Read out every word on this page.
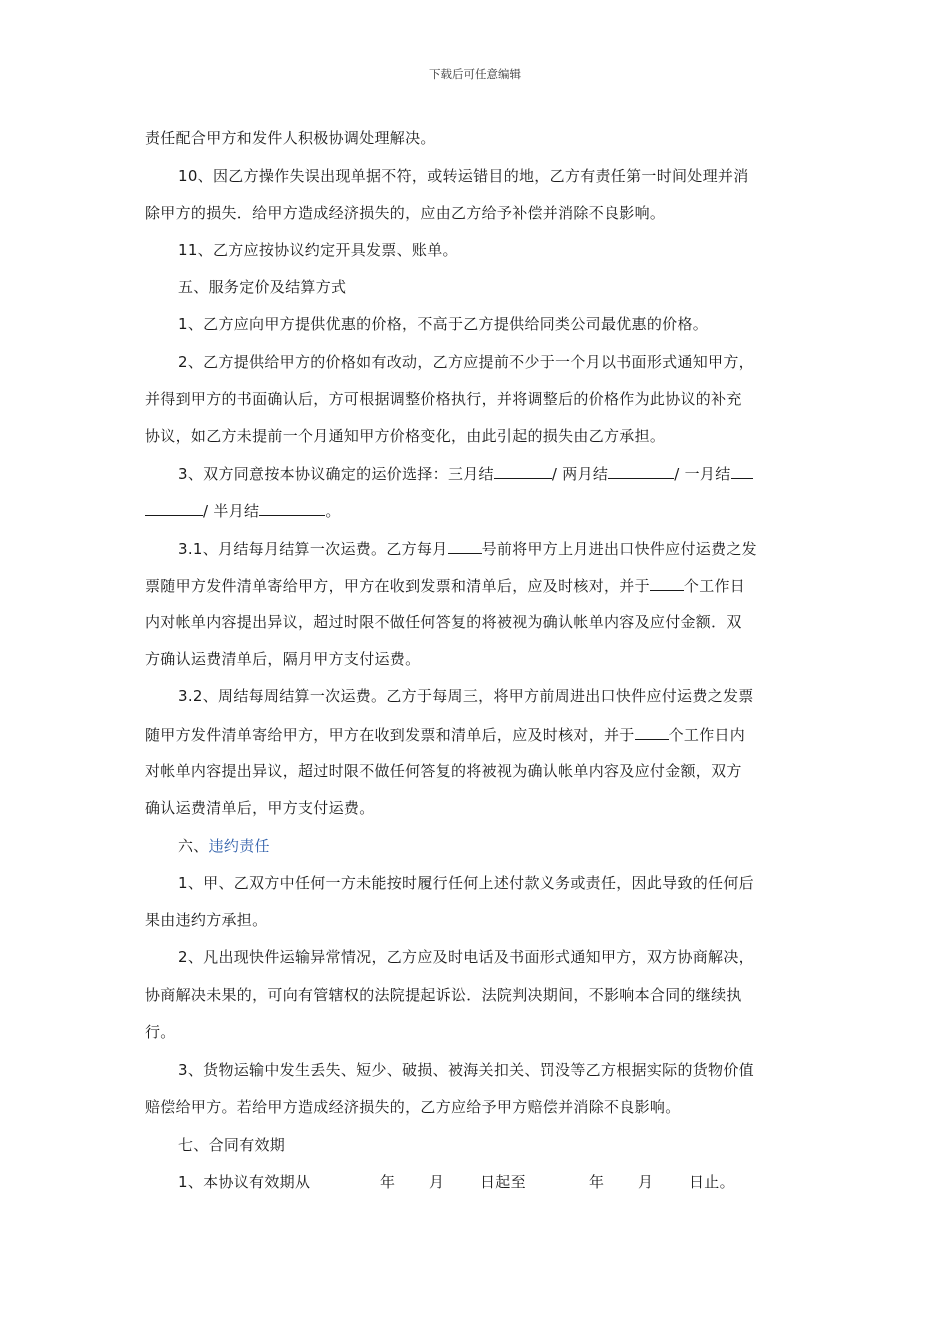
下载后可任意编辑
责任配合甲方和发件人积极协调处理解决。
10、因乙方操作失误出现单据不符，或转运错目的地，乙方有责任第一时间处理并消
除甲方的损失．给甲方造成经济损失的，应由乙方给予补偿并消除不良影响。
11、乙方应按协议约定开具发票、账单。
五、服务定价及结算方式
1、乙方应向甲方提供优惠的价格，不高于乙方提供给同类公司最优惠的价格。
2、乙方提供给甲方的价格如有改动，乙方应提前不少于一个月以书面形式通知甲方，
并得到甲方的书面确认后，方可根据调整价格执行，并将调整后的价格作为此协议的补充
协议，如乙方未提前一个月通知甲方价格变化，由此引起的损失由乙方承担。
3、双方同意按本协议确定的运价选择：三月结	/ 两月结	/ 一月结
/ 半月结	。
3.1、月结每月结算一次运费。乙方每月 号前将甲方上月进出口快件应付运费之发
票随甲方发件清单寄给甲方，甲方在收到发票和清单后，应及时核对，并于 个工作日
内对帐单内容提出异议，超过时限不做任何答复的将被视为确认帐单内容及应付金额．双
方确认运费清单后，隔月甲方支付运费。
3.2、周结每周结算一次运费。乙方于每周三，将甲方前周进出口快件应付运费之发票
随甲方发件清单寄给甲方，甲方在收到发票和清单后，应及时核对，并于 个工作日内
对帐单内容提出异议，超过时限不做任何答复的将被视为确认帐单内容及应付金额，双方
确认运费清单后，甲方支付运费。
六、违约责任
1、甲、乙双方中任何一方未能按时履行任何上述付款义务或责任，因此导致的任何后
果由违约方承担。
2、凡出现快件运输异常情况，乙方应及时电话及书面形式通知甲方，双方协商解决，
协商解决未果的，可向有管辖权的法院提起诉讼．法院判决期间，不影响本合同的继续执
行。
3、货物运输中发生丢失、短少、破损、被海关扣关、罚没等乙方根据实际的货物价值
赔偿给甲方。若给甲方造成经济损失的，乙方应给予甲方赔偿并消除不良影响。
七、合同有效期
1、本协议有效期从	年 月 日起至	年 月 日止。
